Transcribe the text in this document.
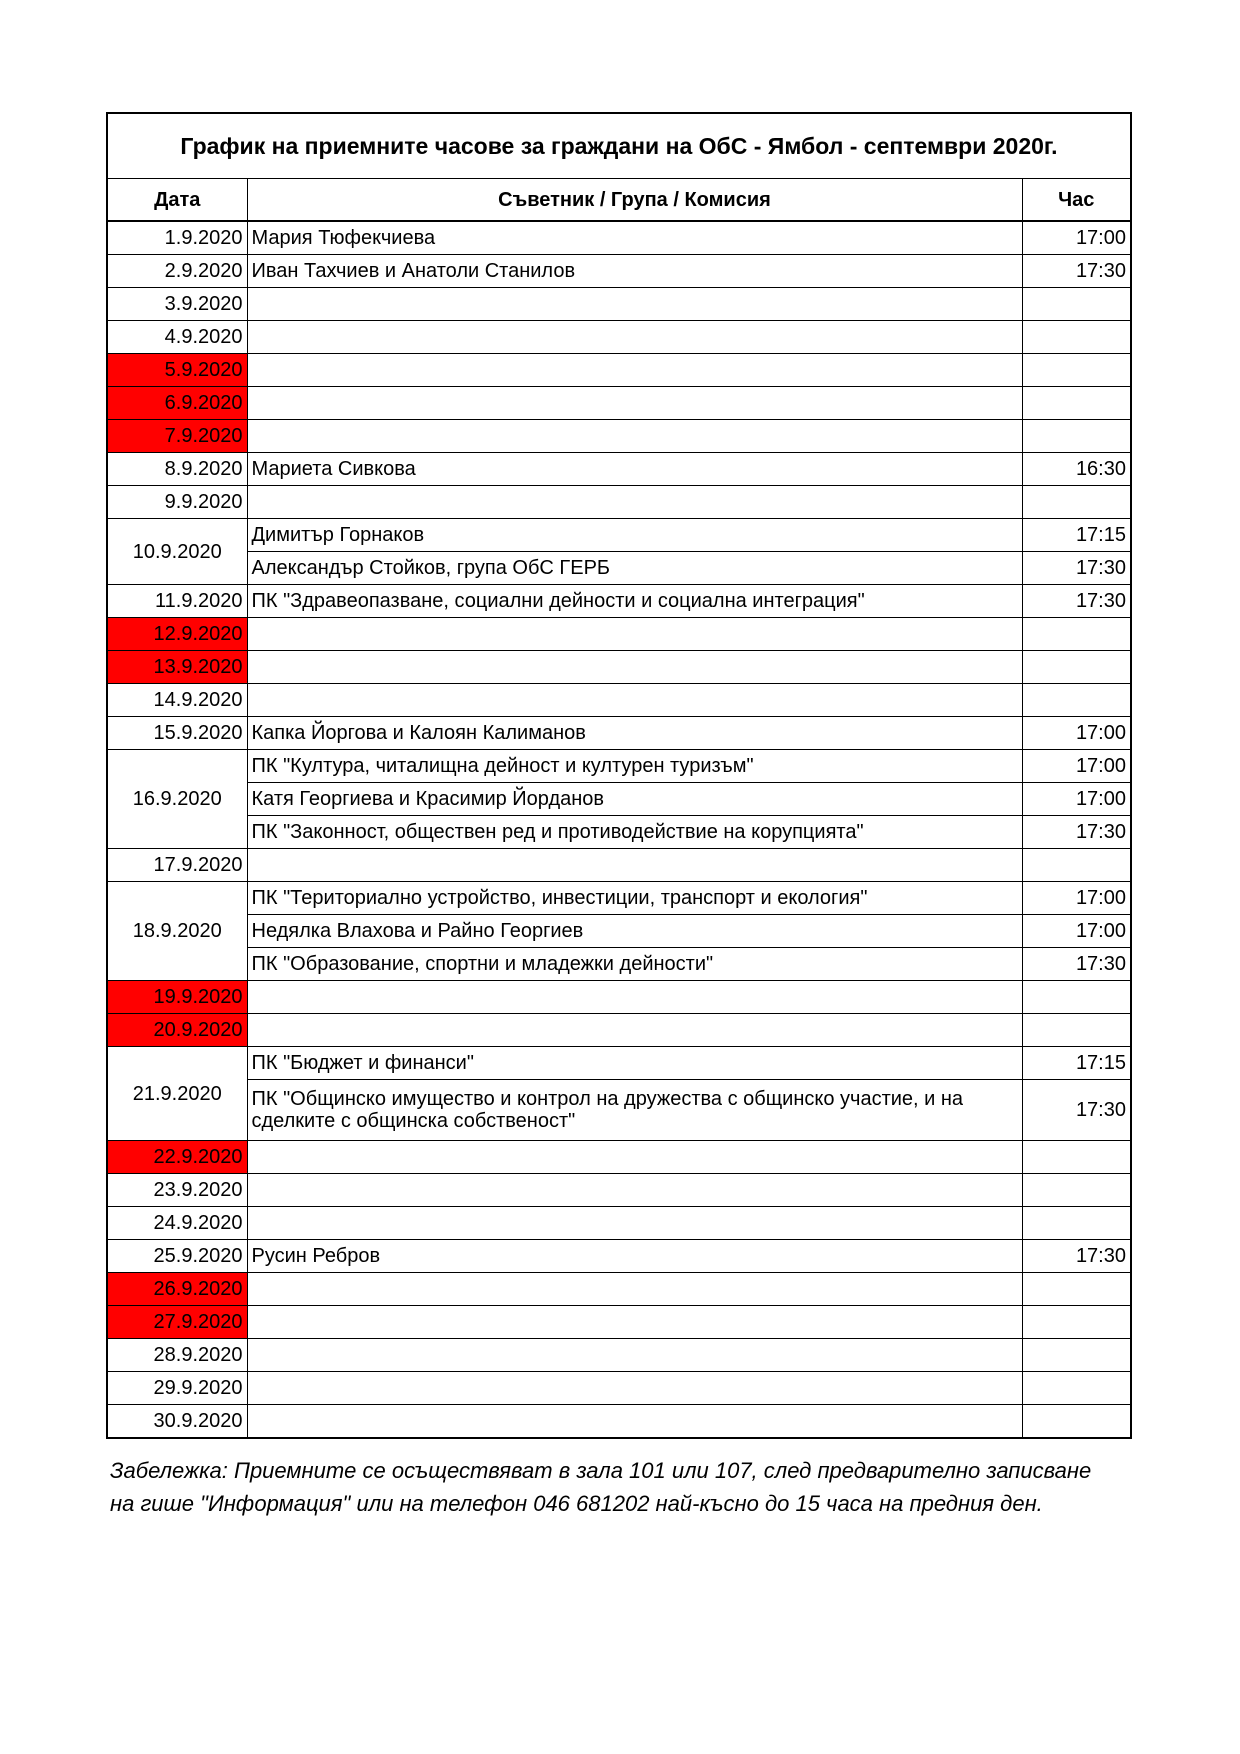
График на приемните часове за граждани на ОбС - Ямбол - септември 2020г.		
Дата	Съветник / Група / Комисия	Час
1.9.2020	Мария Тюфекчиева	17:00
2.9.2020	Иван Тахчиев и Анатоли Станилов	17:30
3.9.2020		
4.9.2020		
5.9.2020		
6.9.2020		
7.9.2020		
8.9.2020	Мариета Сивкова	16:30
9.9.2020		
10.9.2020	Димитър Горнаков	17:15
	Александър Стойков, група ОбС ГЕРБ	17:30
11.9.2020	ПК "Здравеопазване, социални дейности и социална интеграция"	17:30
12.9.2020		
13.9.2020		
14.9.2020		
15.9.2020	Капка Йоргова и Калоян Калиманов	17:00
16.9.2020	ПК "Култура, читалищна дейност и културен туризъм"	17:00
	Катя Георгиева и Красимир Йорданов	17:00
	ПК "Законност, обществен ред и противодействие на корупцията"	17:30
17.9.2020		
18.9.2020	ПК "Териториално устройство, инвестиции, транспорт и екология"	17:00
	Недялка Влахова и Райно Георгиев	17:00
	ПК "Образование, спортни и младежки дейности"	17:30
19.9.2020		
20.9.2020		
21.9.2020	ПК "Бюджет и финанси"	17:15
	ПК "Общинско имущество и контрол на дружества с общинско участие, и на сделките с общинска собственост"	17:30
22.9.2020		
23.9.2020		
24.9.2020		
25.9.2020	Русин Ребров	17:30
26.9.2020		
27.9.2020		
28.9.2020		
29.9.2020		
30.9.2020		
Забележка: Приемните се осъществяват в зала 101 или 107, след предварително записване на гише "Информация" или на телефон 046 681202 най-късно до 15 часа на предния ден.
